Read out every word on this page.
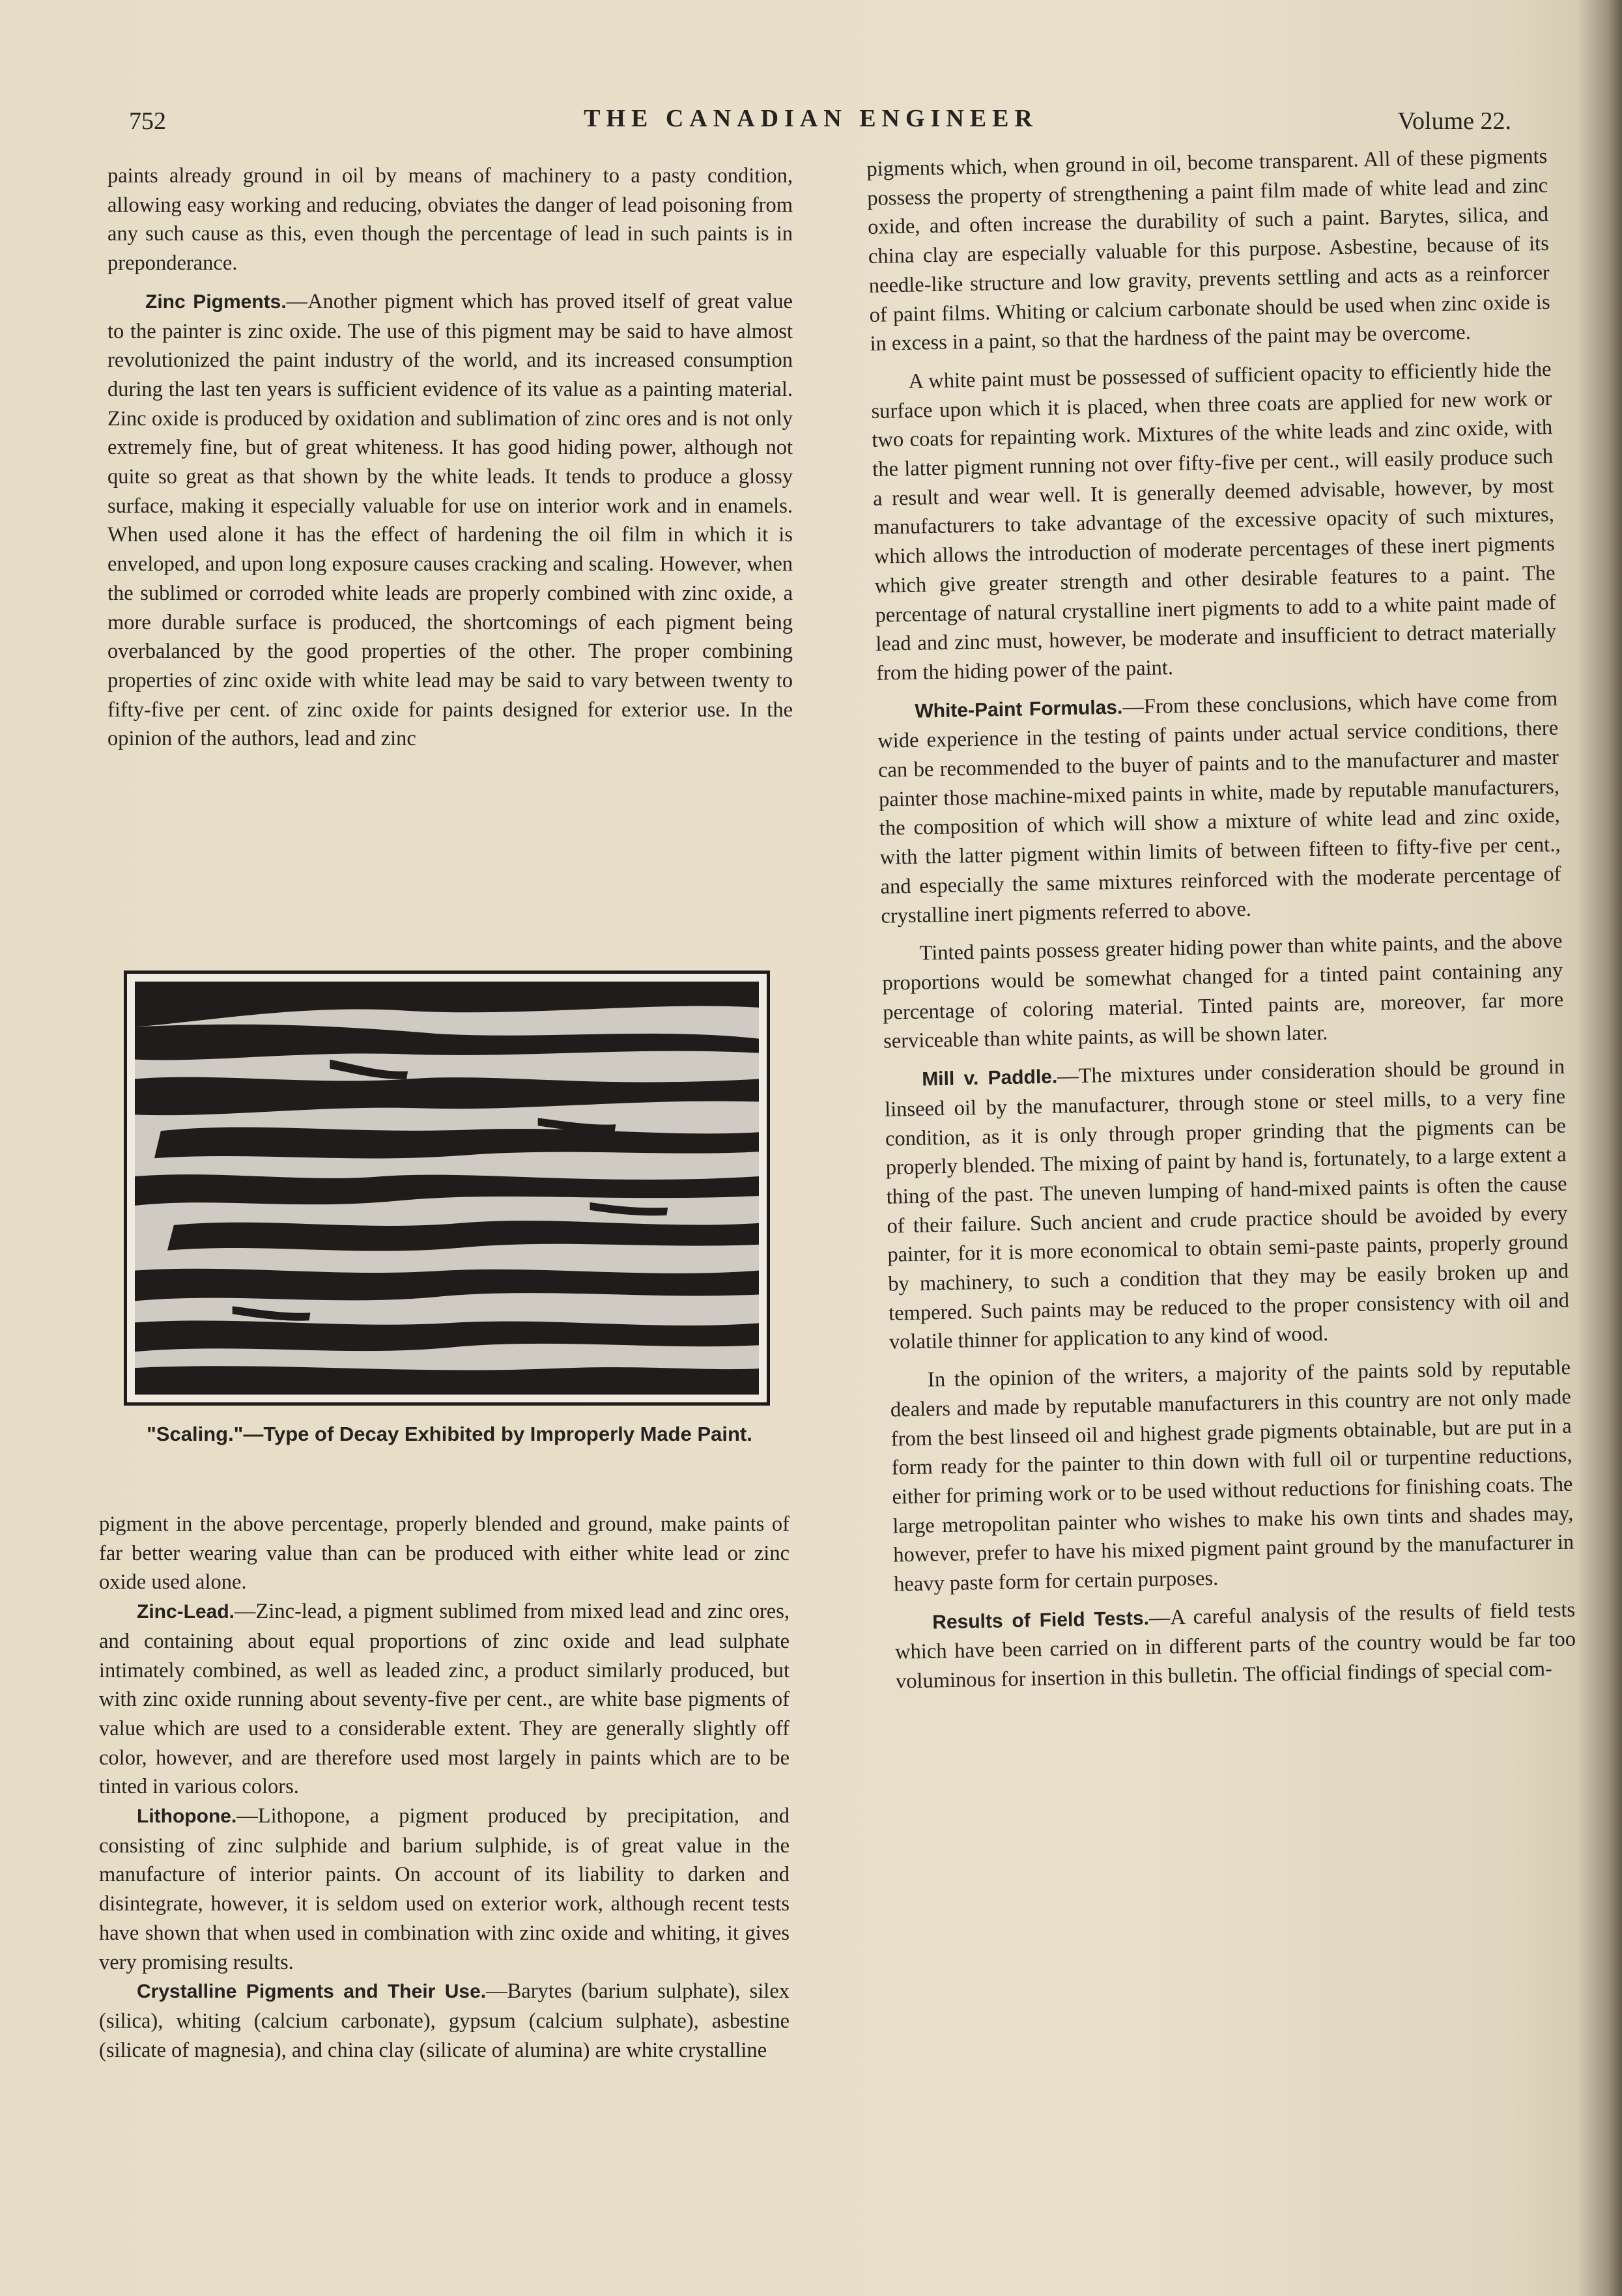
752	THE CANADIAN ENGINEER	Volume 22.

paints already ground in oil by means of machinery to a pasty condition, allowing easy working and reducing, obviates the danger of lead poisoning from any such cause as this, even though the percentage of lead in such paints is in preponderance.

Zinc Pigments.—Another pigment which has proved itself of great value to the painter is zinc oxide. The use of this pigment may be said to have almost revolutionized the paint industry of the world, and its increased consumption during the last ten years is sufficient evidence of its value as a painting material. Zinc oxide is produced by oxidation and sublimation of zinc ores and is not only extremely fine, but of great whiteness. It has good hiding power, although not quite so great as that shown by the white leads. It tends to produce a glossy surface, making it especially valuable for use on interior work and in enamels. When used alone it has the effect of hardening the oil film in which it is enveloped, and upon long exposure causes cracking and scaling. However, when the sublimed or corroded white leads are properly combined with zinc oxide, a more durable surface is produced, the shortcomings of each pigment being overbalanced by the good properties of the other. The proper combining properties of zinc oxide with white lead may be said to vary between twenty to fifty-five per cent. of zinc oxide for paints designed for exterior use. In the opinion of the authors, lead and zinc

"Scaling."—Type of Decay Exhibited by Improperly Made Paint.

pigment in the above percentage, properly blended and ground, make paints of far better wearing value than can be produced with either white lead or zinc oxide used alone.

Zinc-Lead.—Zinc-lead, a pigment sublimed from mixed lead and zinc ores, and containing about equal proportions of zinc oxide and lead sulphate intimately combined, as well as leaded zinc, a product similarly produced, but with zinc oxide running about seventy-five per cent., are white base pigments of value which are used to a considerable extent. They are generally slightly off color, however, and are therefore used most largely in paints which are to be tinted in various colors.

Lithopone.—Lithopone, a pigment produced by precipitation, and consisting of zinc sulphide and barium sulphide, is of great value in the manufacture of interior paints. On account of its liability to darken and disintegrate, however, it is seldom used on exterior work, although recent tests have shown that when used in combination with zinc oxide and whiting, it gives very promising results.

Crystalline Pigments and Their Use.—Barytes (barium sulphate), silex (silica), whiting (calcium carbonate), gypsum (calcium sulphate), asbestine (silicate of magnesia), and china clay (silicate of alumina) are white crystalline

pigments which, when ground in oil, become transparent. All of these pigments possess the property of strengthening a paint film made of white lead and zinc oxide, and often increase the durability of such a paint. Barytes, silica, and china clay are especially valuable for this purpose. Asbestine, because of its needle-like structure and low gravity, prevents settling and acts as a reinforcer of paint films. Whiting or calcium carbonate should be used when zinc oxide is in excess in a paint, so that the hardness of the paint may be overcome.

A white paint must be possessed of sufficient opacity to efficiently hide the surface upon which it is placed, when three coats are applied for new work or two coats for repainting work. Mixtures of the white leads and zinc oxide, with the latter pigment running not over fifty-five per cent., will easily produce such a result and wear well. It is generally deemed advisable, however, by most manufacturers to take advantage of the excessive opacity of such mixtures, which allows the introduction of moderate percentages of these inert pigments which give greater strength and other desirable features to a paint. The percentage of natural crystalline inert pigments to add to a white paint made of lead and zinc must, however, be moderate and insufficient to detract materially from the hiding power of the paint.

White-Paint Formulas.—From these conclusions, which have come from wide experience in the testing of paints under actual service conditions, there can be recommended to the buyer of paints and to the manufacturer and master painter those machine-mixed paints in white, made by reputable manufacturers, the composition of which will show a mixture of white lead and zinc oxide, with the latter pigment within limits of between fifteen to fifty-five per cent., and especially the same mixtures reinforced with the moderate percentage of crystalline inert pigments referred to above.

Tinted paints possess greater hiding power than white paints, and the above proportions would be somewhat changed for a tinted paint containing any percentage of coloring material. Tinted paints are, moreover, far more serviceable than white paints, as will be shown later.

Mill v. Paddle.—The mixtures under consideration should be ground in linseed oil by the manufacturer, through stone or steel mills, to a very fine condition, as it is only through proper grinding that the pigments can be properly blended. The mixing of paint by hand is, fortunately, to a large extent a thing of the past. The uneven lumping of hand-mixed paints is often the cause of their failure. Such ancient and crude practice should be avoided by every painter, for it is more economical to obtain semi-paste paints, properly ground by machinery, to such a condition that they may be easily broken up and tempered. Such paints may be reduced to the proper consistency with oil and volatile thinner for application to any kind of wood.

In the opinion of the writers, a majority of the paints sold by reputable dealers and made by reputable manufacturers in this country are not only made from the best linseed oil and highest grade pigments obtainable, but are put in a form ready for the painter to thin down with full oil or turpentine reductions, either for priming work or to be used without reductions for finishing coats. The large metropolitan painter who wishes to make his own tints and shades may, however, prefer to have his mixed pigment paint ground by the manufacturer in heavy paste form for certain purposes.

Results of Field Tests.—A careful analysis of the results of field tests which have been carried on in different parts of the country would be far too voluminous for insertion in this bulletin. The official findings of special com-
